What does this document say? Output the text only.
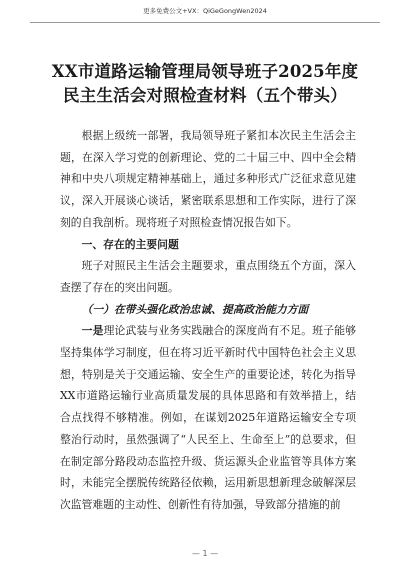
更多免费公文+VX：QiGeGongWen2024
XX市道路运输管理局领导班子2025年度
民主生活会对照检查材料（五个带头）

根据上级统一部署，我局领导班子紧扣本次民主生活会主题，在深入学习党的创新理论、党的二十届三中、四中全会精神和中央八项规定精神基础上，通过多种形式广泛征求意见建议，深入开展谈心谈话，紧密联系思想和工作实际，进行了深刻的自我剖析。现将班子对照检查情况报告如下。

一、存在的主要问题

班子对照民主生活会主题要求，重点围绕五个方面，深入查摆了存在的突出问题。

（一）在带头强化政治忠诚、提高政治能力方面

一是理论武装与业务实践融合的深度尚有不足。班子能够坚持集体学习制度，但在将习近平新时代中国特色社会主义思想，特别是关于交通运输、安全生产的重要论述，转化为指导XX市道路运输行业高质量发展的具体思路和有效举措上，结合点找得不够精准。例如，在谋划2025年道路运输安全专项整治行动时，虽然强调了“人民至上、生命至上”的总要求，但在制定部分路段动态监控升级、货运源头企业监管等具体方案时，未能完全摆脱传统路径依赖，运用新思想新理念破解深层次监管难题的主动性、创新性有待加强，导致部分措施的前

— 1 —
